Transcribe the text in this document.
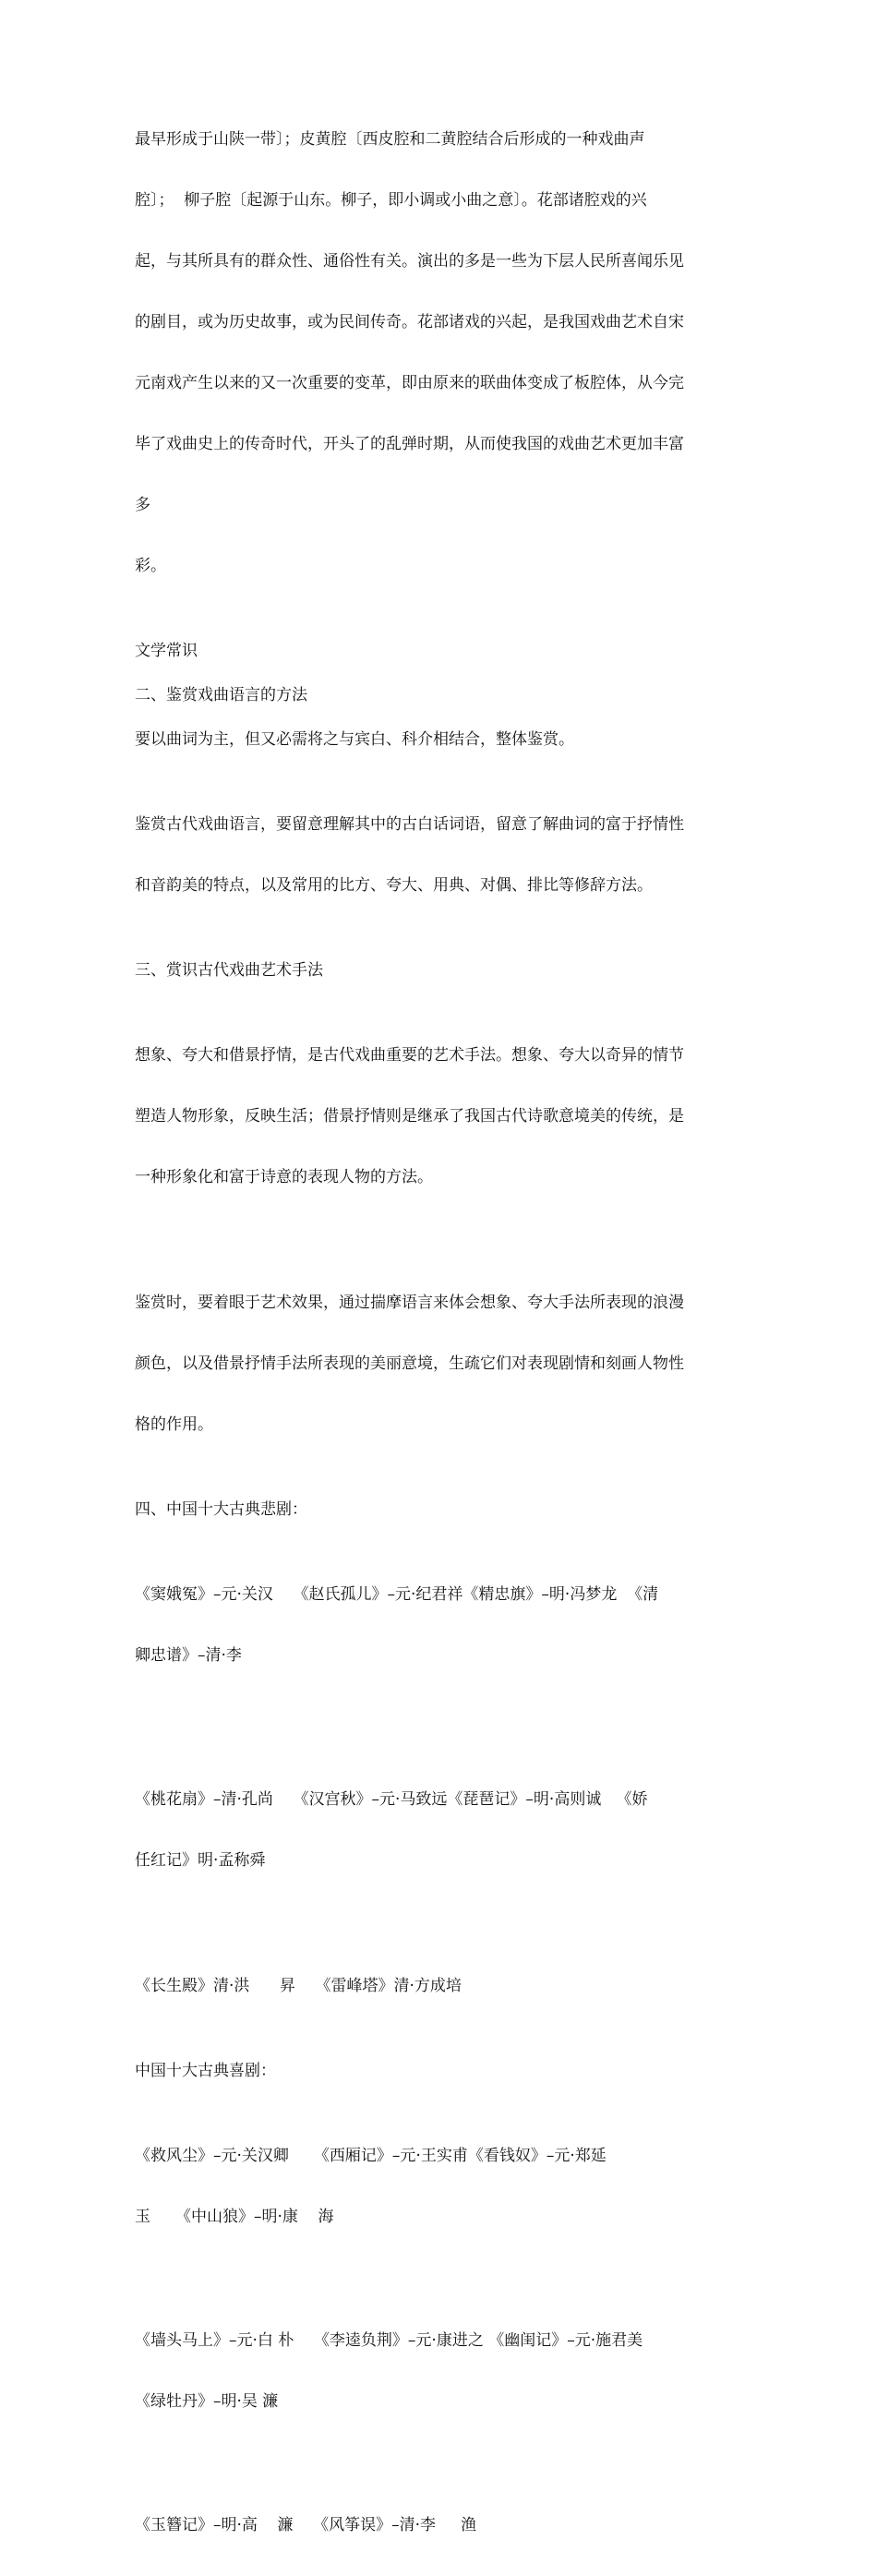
最早形成于山陕一带〕；皮黄腔〔西皮腔和二黄腔结合后形成的一种戏曲声

腔〕；  柳子腔〔起源于山东。柳子，即小调或小曲之意〕。花部诸腔戏的兴

起，与其所具有的群众性、通俗性有关。演出的多是一些为下层人民所喜闻乐见

的剧目，或为历史故事，或为民间传奇。花部诸戏的兴起，是我国戏曲艺术自宋

元南戏产生以来的又一次重要的变革，即由原来的联曲体变成了板腔体，从今完

毕了戏曲史上的传奇时代，开头了的乱弹时期，从而使我国的戏曲艺术更加丰富

多

彩。

文学常识

二、鉴赏戏曲语言的方法

要以曲词为主，但又必需将之与宾白、科介相结合，整体鉴赏。

鉴赏古代戏曲语言，要留意理解其中的古白话词语，留意了解曲词的富于抒情性

和音韵美的特点，以及常用的比方、夸大、用典、对偶、排比等修辞方法。

三、赏识古代戏曲艺术手法

想象、夸大和借景抒情，是古代戏曲重要的艺术手法。想象、夸大以奇异的情节

塑造人物形象，反映生活；借景抒情则是继承了我国古代诗歌意境美的传统，是

一种形象化和富于诗意的表现人物的方法。

鉴赏时，要着眼于艺术效果，通过揣摩语言来体会想象、夸大手法所表现的浪漫

颜色，以及借景抒情手法所表现的美丽意境，生疏它们对表现剧情和刻画人物性

格的作用。

四、中国十大古典悲剧：

《窦娥冤》–元·关汉    《赵氏孤儿》–元·纪君祥《精忠旗》–明·冯梦龙  《清

卿忠谱》–清·李

《桃花扇》–清·孔尚    《汉宫秋》–元·马致远《琵琶记》–明·高则诚   《娇

任红记》明·孟称舜

《长生殿》清·洪      昇    《雷峰塔》清·方成培

中国十大古典喜剧：

《救风尘》–元·关汉卿     《西厢记》–元·王实甫《看钱奴》–元·郑延

玉     《中山狼》–明·康    海

《墙头马上》–元·白 朴    《李逵负荆》–元·康进之 《幽闺记》–元·施君美

《绿牡丹》–明·吴 濂

《玉簪记》–明·高    濂    《风筝误》–清·李     渔
